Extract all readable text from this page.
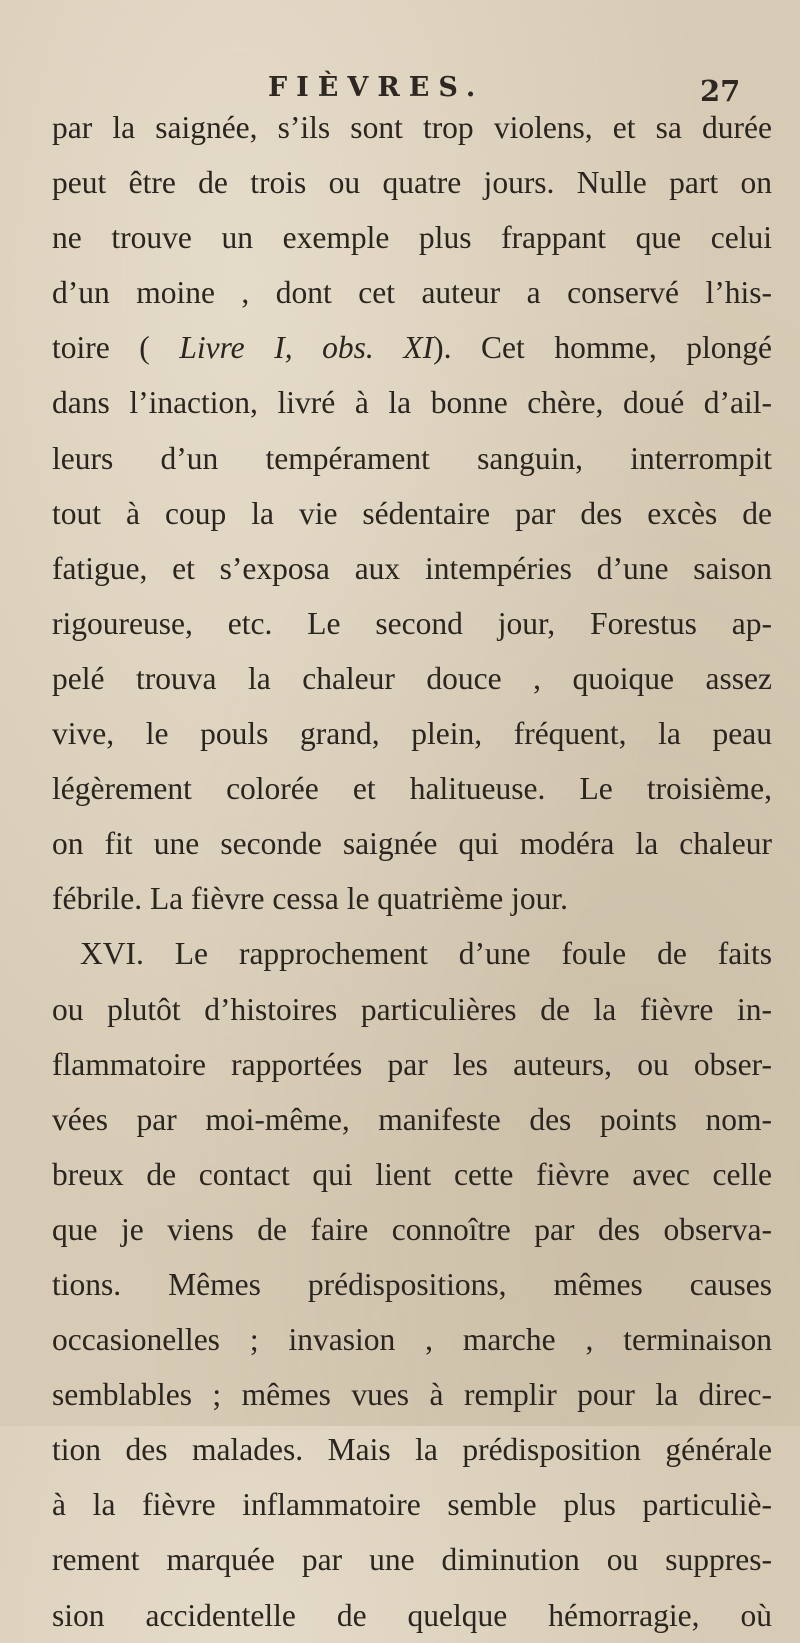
FIÈVRES.	27
par la saignée, s’ils sont trop violens, et sa durée
peut être de trois ou quatre jours. Nulle part on
ne trouve un exemple plus frappant que celui
d’un moine , dont cet auteur a conservé l’his-
toire ( Livre I, obs. XI). Cet homme, plongé
dans l’inaction, livré à la bonne chère, doué d’ail-
leurs d’un tempérament sanguin, interrompit
tout à coup la vie sédentaire par des excès de
fatigue, et s’exposa aux intempéries d’une saison
rigoureuse, etc. Le second jour, Forestus ap-
pelé trouva la chaleur douce , quoique assez
vive, le pouls grand, plein, fréquent, la peau
légèrement colorée et halitueuse. Le troisième,
on fit une seconde saignée qui modéra la chaleur
fébrile. La fièvre cessa le quatrième jour.
XVI. Le rapprochement d’une foule de faits
ou plutôt d’histoires particulières de la fièvre in-
flammatoire rapportées par les auteurs, ou obser-
vées par moi-même, manifeste des points nom-
breux de contact qui lient cette fièvre avec celle
que je viens de faire connoître par des observa-
tions. Mêmes prédispositions, mêmes causes
occasionelles ; invasion , marche , terminaison
semblables ; mêmes vues à remplir pour la direc-
tion des malades. Mais la prédisposition générale
à la fièvre inflammatoire semble plus particuliè-
rement marquée par une diminution ou suppres-
sion accidentelle de quelque hémorragie, où
